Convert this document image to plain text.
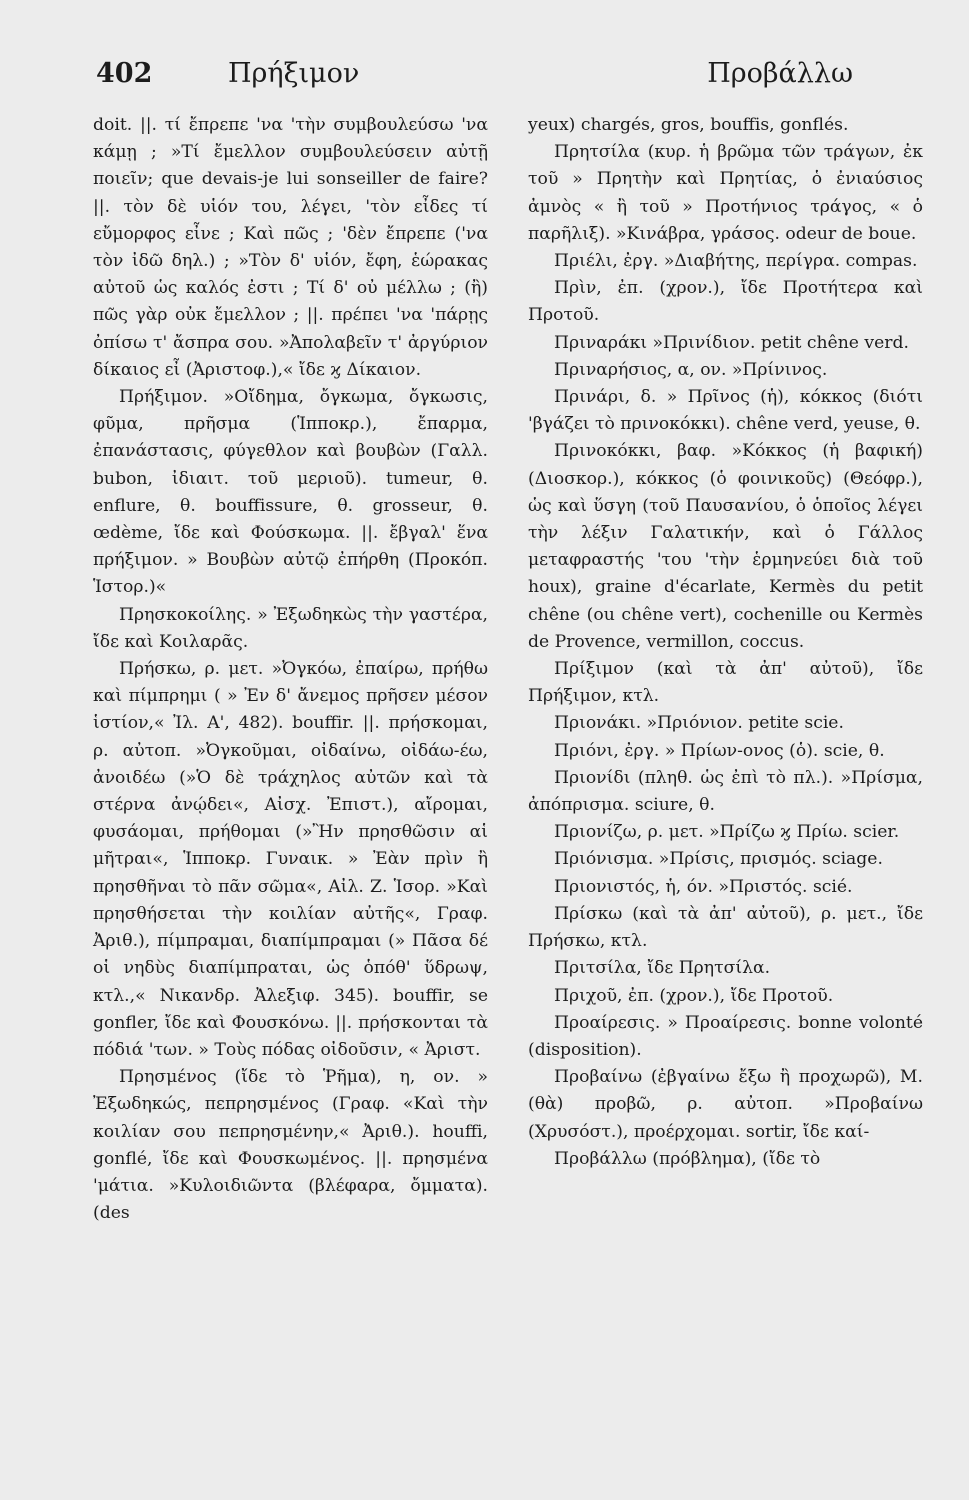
402	Πρήξιμον	Προβάλλω

doit. ||. τί ἔπρεπε 'να 'τὴν συμβουλεύσω 'να κάμῃ ; »Τί ἔμελλον συμβουλεύσειν αὐτῇ ποιεῖν; que devais-je lui sonseiller de faire? ||. τὸν δὲ υἱόν του, λέγει, 'τὸν εἶδες τί εὔμορφος εἶνε ; Καὶ πῶς ; 'δὲν ἔπρεπε ('να τὸν ἰδῶ δηλ.) ; »Τὸν δ' υἱόν, ἔφη, ἑώρακας αὐτοῦ ὡς καλός ἐστι ; Τί δ' οὐ μέλλω ; (ἢ) πῶς γὰρ οὐκ ἔμελλον ; ||. πρέπει 'να 'πάρῃς ὀπίσω τ' ἄσπρα σου. »Ἀπολαβεῖν τ' ἀργύριον δίκαιος εἶ (Ἀριστοφ.),« ἴδε ϗ Δίκαιον.

Πρήξιμον. »Οἴδημα, ὄγκωμα, ὄγκωσις, φῦμα, πρῆσμα (Ἱπποκρ.), ἔπαρμα, ἐπανάστασις, φύγεθλον καὶ βουβὼν (Γαλλ. bubon, ἰδιαιτ. τοῦ μεριοῦ). tumeur, θ. enflure, θ. bouffissure, θ. grosseur, θ. œdème, ἴδε καὶ Φούσκωμα. ||. ἔβγαλ' ἕνα πρήξιμον. » Βουβὼν αὐτῷ ἐπήρθη (Προκόπ. Ἱστορ.)«

Πρησκοκοίλης. » Ἐξωδηκὼς τὴν γαστέρα, ἴδε καὶ Κοιλαρᾶς.

Πρήσκω, ρ. μετ. »Ὀγκόω, ἐπαίρω, πρήθω καὶ πίμπρημι ( » Ἐν δ' ἄνεμος πρῆσεν μέσον ἱστίον,« Ἰλ. Α', 482). bouffir. ||. πρήσκομαι, ρ. αὐτοπ. »Ὀγκοῦμαι, οἰδαίνω, οἰδάω-έω, ἀνοιδέω (»Ὁ δὲ τράχηλος αὐτῶν καὶ τὰ στέρνα ἀνῴδει«, Αἰσχ. Ἐπιστ.), αἴρομαι, φυσάομαι, πρήθομαι (»Ἢν πρησθῶσιν αἱ μῆτραι«, Ἱπποκρ. Γυναικ. » Ἐὰν πρὶν ἢ πρησθῆναι τὸ πᾶν σῶμα«, Αἰλ. Ζ. Ἱσορ. »Καὶ πρησθήσεται τὴν κοιλίαν αὐτῆς«, Γραφ. Ἀριθ.), πίμπραμαι, διαπίμπραμαι (» Πᾶσα δέ οἱ νηδὺς διαπίμπραται, ὡς ὁπόθ' ὕδρωψ, κτλ.,« Νικανδρ. Ἀλεξιφ. 345). bouffir, se gonfler, ἴδε καὶ Φουσκόνω. ||. πρήσκονται τὰ πόδιά 'των. » Τοὺς πόδας οἰδοῦσιν, « Ἀριστ.

Πρησμένος (ἴδε τὸ Ῥῆμα), η, ον. » Ἐξωδηκώς, πεπρησμένος (Γραφ. «Καὶ τὴν κοιλίαν σου πεπρησμένην,« Ἀριθ.). houffi, gonflé, ἴδε καὶ Φουσκωμένος. ||. πρησμένα 'μάτια. »Κυλοιδιῶντα (βλέφαρα, ὄμματα). (des

yeux) chargés, gros, bouffis, gonflés.

Πρητσίλα (κυρ. ἡ βρῶμα τῶν τράγων, ἐκ τοῦ » Πρητὴν καὶ Πρητίας, ὁ ἐνιαύσιος ἀμνὸς « ἢ τοῦ » Προτήνιος τράγος, « ὁ παρῆλιξ). »Κινάβρα, γράσος. odeur de boue.

Πριέλι, ἐργ. »Διαβήτης, περίγρα. compas.

Πρὶν, ἐπ. (χρον.), ἴδε Προτήτερα καὶ Προτοῦ.

Πριναράκι »Πρινίδιον. petit chêne verd.

Πριναρήσιος, α, ον. »Πρίνινος.

Πρινάρι, δ. » Πρῖνος (ἡ), κόκκος (διότι 'βγάζει τὸ πρινοκόκκι). chêne verd, yeuse, θ.

Πρινοκόκκι, βαφ. »Κόκκος (ἡ βαφική) (Διοσκορ.), κόκκος (ὁ φοινικοῦς) (Θεόφρ.), ὡς καὶ ὕσγη (τοῦ Παυσανίου, ὁ ὁποῖος λέγει τὴν λέξιν Γαλατικήν, καὶ ὁ Γάλλος μεταφραστής 'του 'τὴν ἑρμηνεύει διὰ τοῦ houx), graine d'écarlate, Kermès du petit chêne (ou chêne vert), cochenille ou Kermès de Provence, vermillon, coccus.

Πρίξιμον (καὶ τὰ ἀπ' αὐτοῦ), ἴδε Πρήξιμον, κτλ.

Πριονάκι. »Πριόνιον. petite scie.

Πριόνι, ἐργ. » Πρίων-ονος (ὁ). scie, θ.

Πριονίδι (πληθ. ὡς ἐπὶ τὸ πλ.). »Πρίσμα, ἀπόπρισμα. sciure, θ.

Πριονίζω, ρ. μετ. »Πρίζω ϗ Πρίω. scier.

Πριόνισμα. »Πρίσις, πρισμός. sciage.

Πριονιστός, ἡ, όν. »Πριστός. scié.

Πρίσκω (καὶ τὰ ἀπ' αὐτοῦ), ρ. μετ., ἴδε Πρήσκω, κτλ.

Πριτσίλα, ἴδε Πρητσίλα.

Πριχοῦ, ἐπ. (χρον.), ἴδε Προτοῦ.

Προαίρεσις. » Προαίρεσις. bonne volonté (disposition).

Προβαίνω (ἐβγαίνω ἔξω ἢ προχωρῶ), Μ. (θὰ) προβῶ, ρ. αὐτοπ. »Προβαίνω (Χρυσόστ.), προέρχομαι. sortir, ἴδε καί-

Προβάλλω (πρόβλημα), (ἴδε τὸ
